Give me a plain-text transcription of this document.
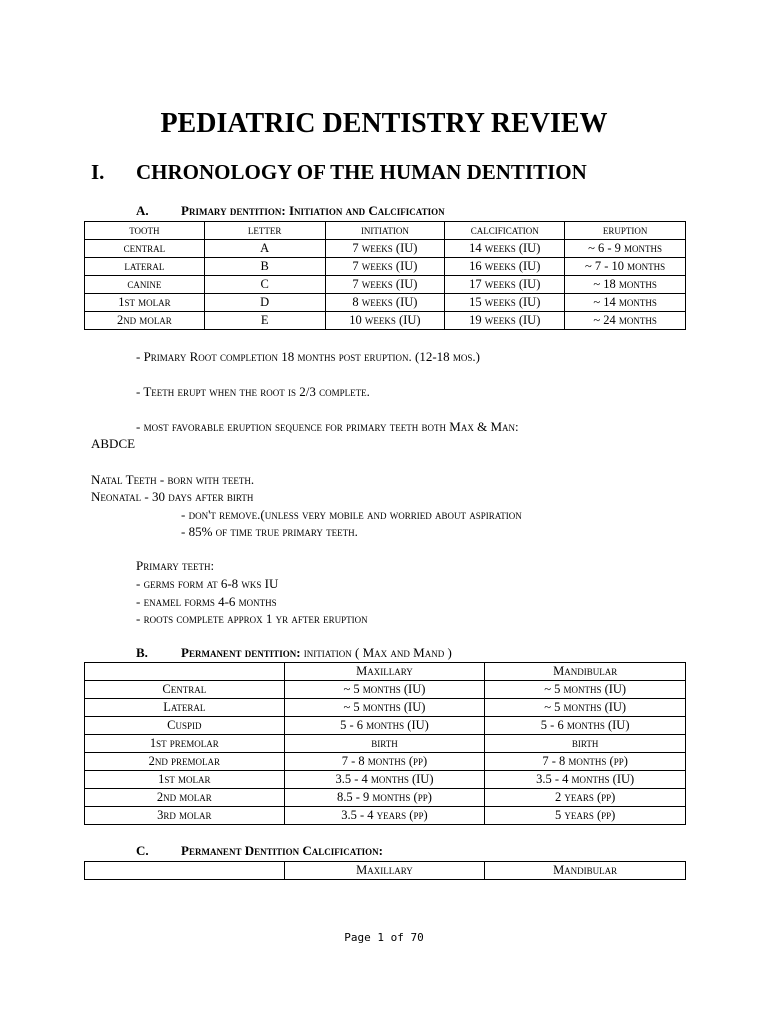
PEDIATRIC DENTISTRY REVIEW
I. CHRONOLOGY OF THE HUMAN DENTITION
A. Primary dentition: Initiation and Calcification
tooth	letter	initiation	calcification	eruption
central	A	7 weeks (IU)	14 weeks (IU)	~ 6 - 9 months
lateral	B	7 weeks (IU)	16 weeks (IU)	~ 7 - 10 months
canine	C	7 weeks (IU)	17 weeks (IU)	~ 18 months
1st molar	D	8 weeks (IU)	15 weeks (IU)	~ 14 months
2nd molar	E	10 weeks (IU)	19 weeks (IU)	~ 24 months
- Primary Root completion 18 months post eruption. (12-18 mos.)
- Teeth erupt when the root is 2/3 complete.
- most favorable eruption sequence for primary teeth both Max & Man:
ABDCE
Natal Teeth - born with teeth.
Neonatal - 30 days after birth
- don't remove.(unless very mobile and worried about aspiration
- 85% of time true primary teeth.
Primary teeth:
- germs form at 6-8 wks IU
- enamel forms 4-6 months
- roots complete approx 1 yr after eruption
B.	Permanent dentition: initiation ( Max and Mand )
	Maxillary	Mandibular
Central	~ 5 months (IU)	~ 5 months (IU)
Lateral	~ 5 months (IU)	~ 5 months (IU)
Cuspid	5 - 6 months (IU)	5 - 6 months (IU)
1st premolar	birth	birth
2nd premolar	7 - 8 months (pp)	7 - 8 months (pp)
1st molar	3.5 - 4 months (IU)	3.5 - 4 months (IU)
2nd molar	8.5 - 9 months (pp)	2 years (pp)
3rd molar	3.5 - 4 years (pp)	5 years (pp)
C. Permanent Dentition Calcification:
	Maxillary	Mandibular
Page 1 of 70
